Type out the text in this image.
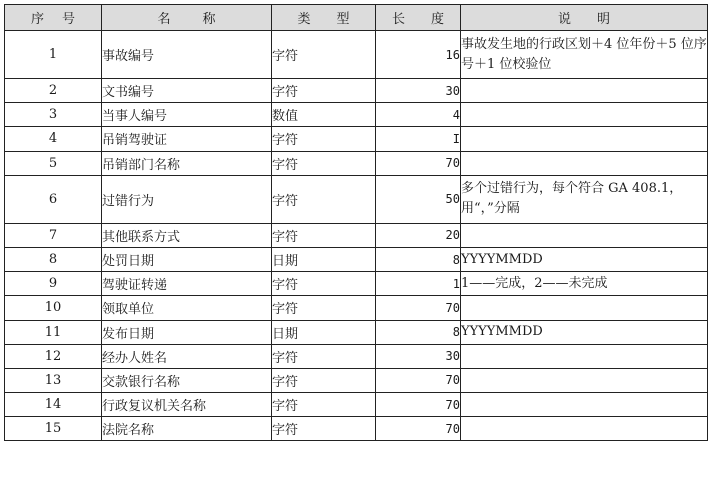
序 号	名 称	类 型	长 度	说 明

1	事故编号	字符	16	事故发生地的行政区划＋4 位年份＋5 位序号＋1 位校验位
2	文书编号	字符	30	
3	当事人编号	数值	4	
4	吊销驾驶证	字符	I	
5	吊销部门名称	字符	70	
6	过错行为	字符	50	多个过错行为，每个符合 GA 408.1，用“，”分隔
7	其他联系方式	字符	20	
8	处罚日期	日期	8	YYYYMMDD
9	驾驶证转递	字符	1	1——完成，2——未完成
10	领取单位	字符	70	
11	发布日期	日期	8	YYYYMMDD
12	经办人姓名	字符	30	
13	交款银行名称	字符	70	
14	行政复议机关名称	字符	70	
15	法院名称	字符	70	
